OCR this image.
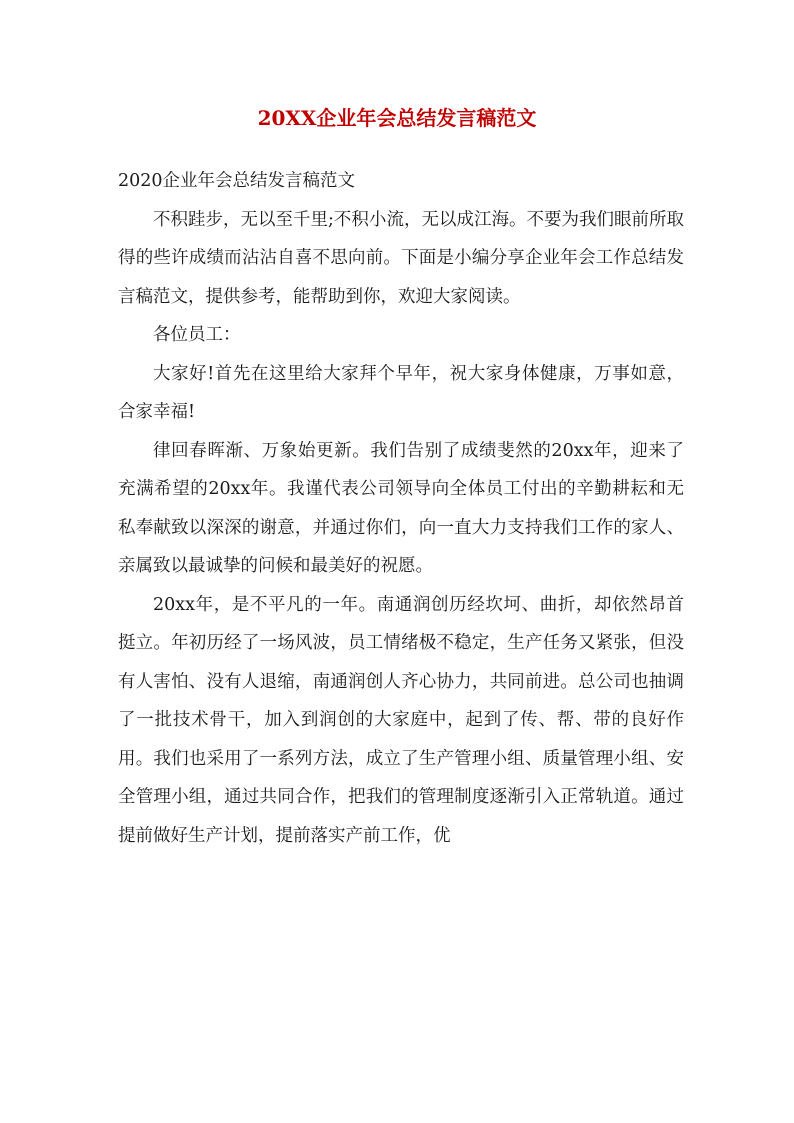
20XX企业年会总结发言稿范文

2020企业年会总结发言稿范文

不积跬步，无以至千里;不积小流，无以成江海。不要为我们眼前所取得的些许成绩而沾沾自喜不思向前。下面是小编分享企业年会工作总结发言稿范文，提供参考，能帮助到你，欢迎大家阅读。

各位员工：

大家好!首先在这里给大家拜个早年，祝大家身体健康，万事如意，合家幸福!

律回春晖渐、万象始更新。我们告别了成绩斐然的20xx年，迎来了充满希望的20xx年。我谨代表公司领导向全体员工付出的辛勤耕耘和无私奉献致以深深的谢意，并通过你们，向一直大力支持我们工作的家人、亲属致以最诚挚的问候和最美好的祝愿。

20xx年，是不平凡的一年。南通润创历经坎坷、曲折，却依然昂首挺立。年初历经了一场风波，员工情绪极不稳定，生产任务又紧张，但没有人害怕、没有人退缩，南通润创人齐心协力，共同前进。总公司也抽调了一批技术骨干，加入到润创的大家庭中，起到了传、帮、带的良好作用。我们也采用了一系列方法，成立了生产管理小组、质量管理小组、安全管理小组，通过共同合作，把我们的管理制度逐渐引入正常轨道。通过提前做好生产计划，提前落实产前工作，优
